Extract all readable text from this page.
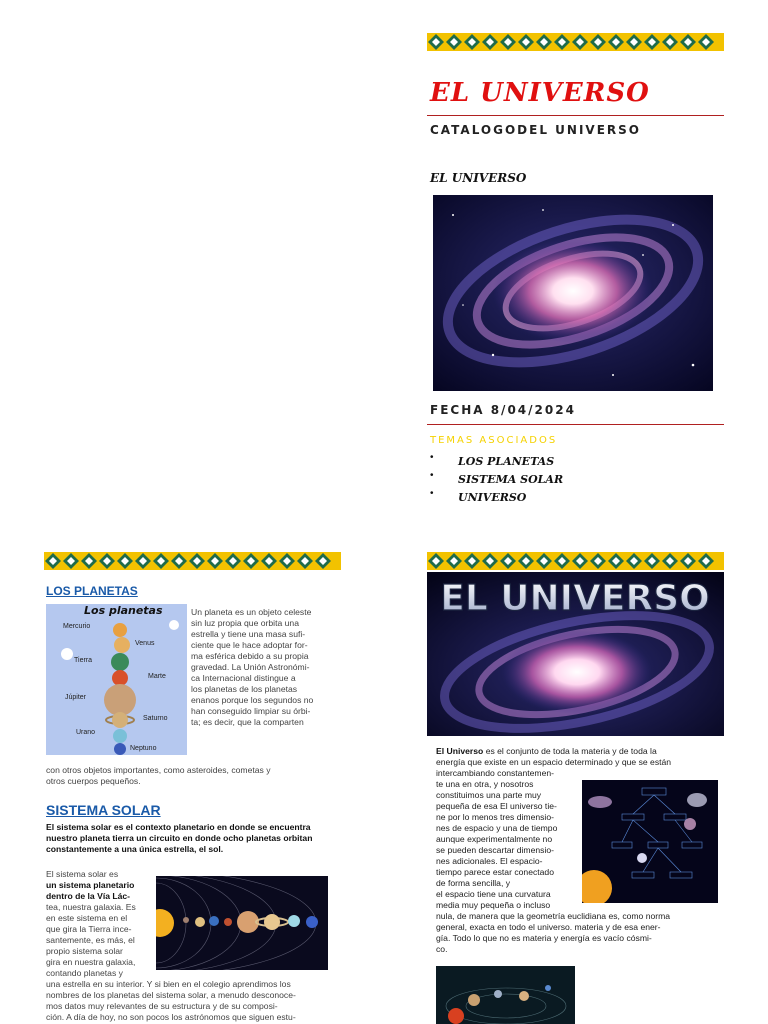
EL UNIVERSO
CATALOGODEL UNIVERSO
EL UNIVERSO
FECHA 8/04/2024
TEMAS ASOCIADOS
• LOS PLANETAS
• SISTEMA SOLAR
• UNIVERSO
LOS PLANETAS
Los planetas
Mercurio
Venus
Tierra
Marte
Júpiter
Saturno
Urano
Neptuno
Un planeta es un objeto celeste
sin luz propia que orbita una
estrella y tiene una masa sufi-
ciente que le hace adoptar for-
ma esférica debido a su propia
gravedad. La Unión Astronómi-
ca Internacional distingue a
los planetas de los planetas
enanos porque los segundos no
han conseguido limpiar su órbi-
ta; es decir, que la comparten
con otros objetos importantes, como asteroides, cometas y
otros cuerpos pequeños.
SISTEMA SOLAR
El sistema solar es el contexto planetario en donde se encuentra
nuestro planeta tierra un circuito en donde ocho planetas orbitan
constantemente a una única estrella, el sol.
El sistema solar es
un sistema planetario
dentro de la Vía Lác-
tea, nuestra galaxia. Es
en este sistema en el
que gira la Tierra ince-
santemente, es más, el
propio sistema solar
gira en nuestra galaxia,
contando planetas y
una estrella en su interior. Y si bien en el colegio aprendimos los
nombres de los planetas del sistema solar, a menudo desconoce-
mos datos muy relevantes de su estructura y de su composi-
ción. A día de hoy, no son pocos los astrónomos que siguen estu-
EL UNIVERSO
El Universo es el conjunto de toda la materia y de toda la
energía que existe en un espacio determinado y que se están
intercambiando constantemen-
te una en otra, y nosotros
constituimos una parte muy
pequeña de esa El universo tie-
ne por lo menos tres dimensio-
nes de espacio y una de tiempo
aunque experimentalmente no
se pueden descartar dimensio-
nes adicionales. El espacio-
tiempo parece estar conectado
de forma sencilla, y
el espacio tiene una curvatura
media muy pequeña o incluso
nula, de manera que la geometría euclidiana es, como norma
general, exacta en todo el universo. materia y de esa ener-
gía. Todo lo que no es materia y energía es vacío cósmi-
co.
